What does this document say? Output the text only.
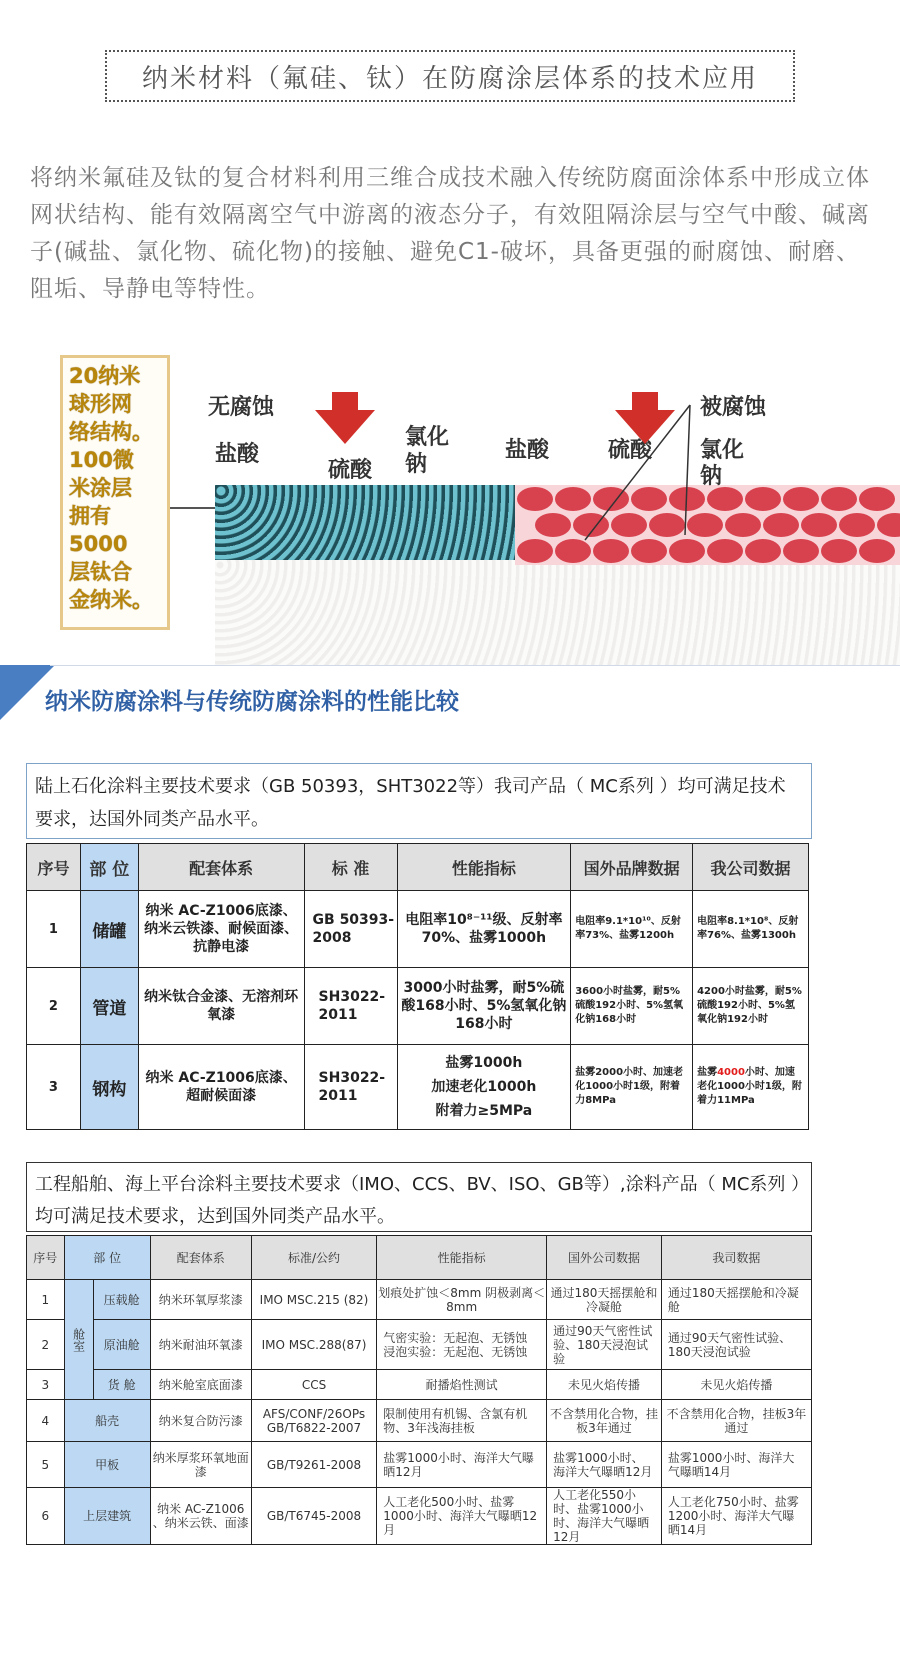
纳米材料（氟硅、钛）在防腐涂层体系的技术应用

将纳米氟硅及钛的复合材料利用三维合成技术融入传统防腐面涂体系中形成立体网状结构、能有效隔离空气中游离的液态分子，有效阻隔涂层与空气中酸、碱离子(碱盐、氯化物、硫化物)的接触、避免C1-破坏，具备更强的耐腐蚀、耐磨、阻垢、导静电等特性。

20纳米
球形网
络结构。
100微
米涂层
拥有
5000
层钛合
金纳米。
无腐蚀
盐酸
硫酸
氯化
钠
盐酸	硫酸
被腐蚀
氯化
钠
纳米防腐涂料与传统防腐涂料的性能比较
陆上石化涂料主要技术要求（GB 50393，SHT3022等）我司产品（ MC系列 ）均可满足技术要求，达国外同类产品水平。
序号	部 位	配套体系	标 准	性能指标	国外品牌数据	我公司数据
1	储罐	纳米 AC-Z1006底漆、纳米云铁漆、耐候面漆、抗静电漆	GB 50393-2008	电阻率10⁸⁻¹¹级、反射率70%、盐雾1000h	电阻率9.1*10¹⁰、反射率73%、盐雾1200h	电阻率8.1*10⁸、反射率76%、盐雾1300h
2	管道	纳米钛合金漆、无溶剂环氧漆	SH3022-2011	3000小时盐雾，耐5%硫酸168小时、5%氢氧化钠168小时	3600小时盐雾，耐5%硫酸192小时、5%氢氧化钠168小时	4200小时盐雾，耐5%硫酸192小时、5%氢氧化钠192小时
3	钢构	纳米 AC-Z1006底漆、超耐候面漆	SH3022-2011	盐雾1000h
加速老化1000h
附着力≥5MPa	盐雾2000小时、加速老化1000小时1级，附着力8MPa	盐雾4000小时、加速老化1000小时1级，附着力11MPa
工程船舶、海上平台涂料主要技术要求（IMO、CCS、BV、ISO、GB等）,涂料产品（ MC系列 ）均可满足技术要求，达到国外同类产品水平。
序号	部 位		配套体系	标准/公约	性能指标	国外公司数据	我司数据
1	舱室	压载舱	纳米环氧厚浆漆	IMO MSC.215 (82)	划痕处扩蚀＜8mm 阴极剥离＜8mm	通过180天摇摆舱和冷凝舱	通过180天摇摆舱和冷凝舱
2		原油舱	纳米耐油环氧漆	IMO MSC.288(87)	气密实验：无起泡、无锈蚀 浸泡实验：无起泡、无锈蚀	通过90天气密性试验、180天浸泡试验	通过90天气密性试验、180天浸泡试验
3		货 舱	纳米舱室底面漆	CCS	耐播焰性测试	未见火焰传播	未见火焰传播
4	船壳		纳米复合防污漆	AFS/CONF/26OPs GB/T6822-2007	限制使用有机锡、含氯有机物、3年浅海挂板	不含禁用化合物，挂板3年通过	不含禁用化合物，挂板3年通过
5	甲板		纳米厚浆环氧地面漆	GB/T9261-2008	盐雾1000小时、海洋大气曝晒12月	盐雾1000小时、海洋大气曝晒12月	盐雾1000小时、海洋大气曝晒14月
6	上层建筑		纳米 AC-Z1006 、纳米云铁、面漆	GB/T6745-2008	人工老化500小时、盐雾1000小时、海洋大气曝晒12月	人工老化550小时、盐雾1000小时、海洋大气曝晒12月	人工老化750小时、盐雾1200小时、海洋大气曝晒14月
